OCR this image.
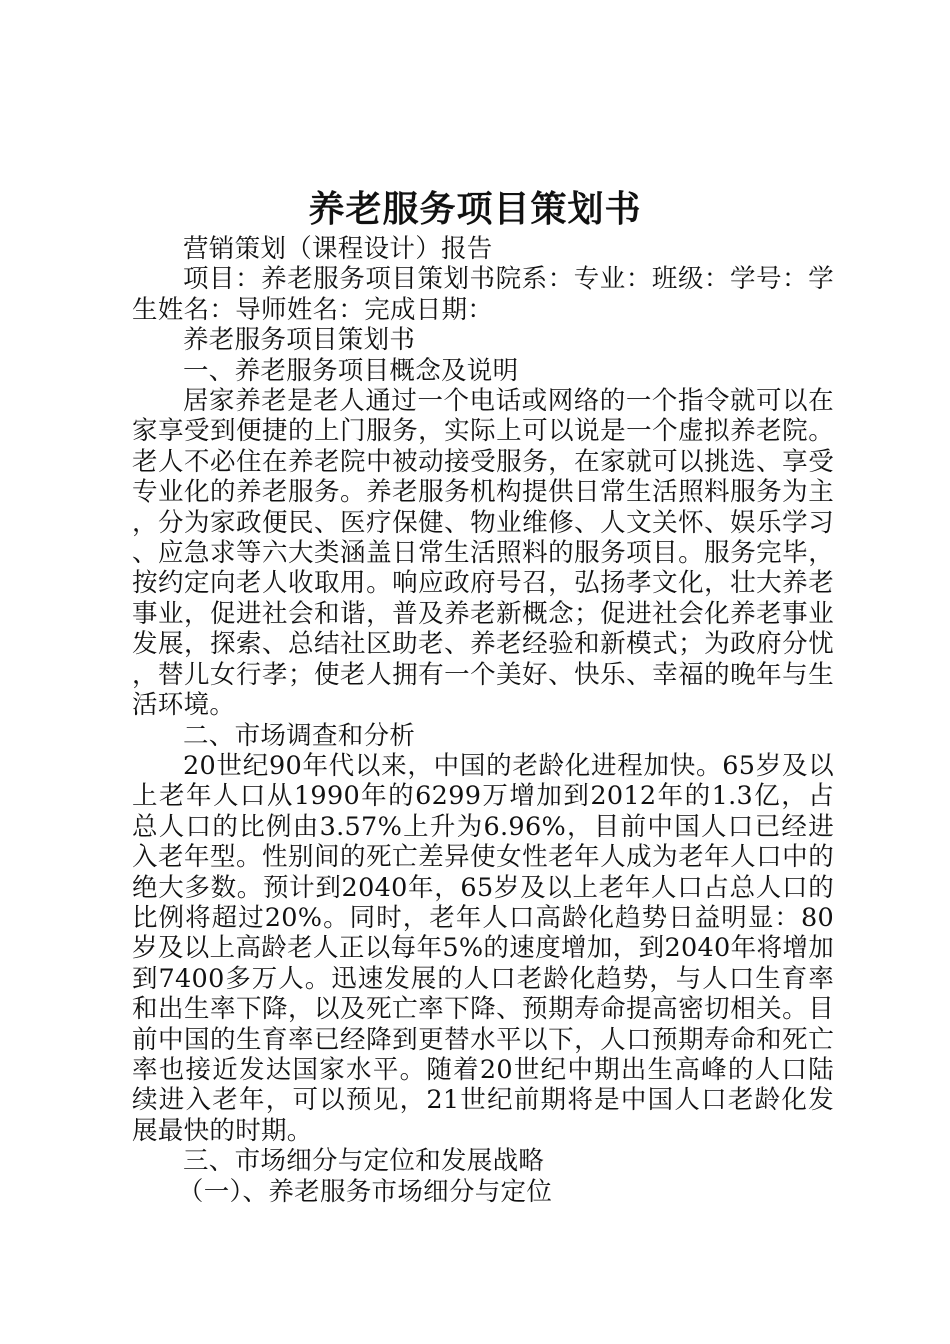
养老服务项目策划书

营销策划（课程设计）报告

项目：养老服务项目策划书院系：专业：班级：学号：学生姓名：导师姓名：完成日期：

养老服务项目策划书

一、养老服务项目概念及说明

居家养老是老人通过一个电话或网络的一个指令就可以在家享受到便捷的上门服务，实际上可以说是一个虚拟养老院。老人不必住在养老院中被动接受服务，在家就可以挑选、享受专业化的养老服务。养老服务机构提供日常生活照料服务为主，分为家政便民、医疗保健、物业维修、人文关怀、娱乐学习、应急求等六大类涵盖日常生活照料的服务项目。服务完毕，按约定向老人收取用。响应政府号召，弘扬孝文化，壮大养老事业，促进社会和谐，普及养老新概念；促进社会化养老事业发展，探索、总结社区助老、养老经验和新模式；为政府分忧，替儿女行孝；使老人拥有一个美好、快乐、幸福的晚年与生活环境。

二、市场调查和分析

20世纪90年代以来，中国的老龄化进程加快。65岁及以上老年人口从1990年的6299万增加到2012年的1.3亿，占总人口的比例由3.57%上升为6.96%，目前中国人口已经进入老年型。性别间的死亡差异使女性老年人成为老年人口中的绝大多数。预计到2040年，65岁及以上老年人口占总人口的比例将超过20%。同时，老年人口高龄化趋势日益明显：80岁及以上高龄老人正以每年5%的速度增加，到2040年将增加到7400多万人。迅速发展的人口老龄化趋势，与人口生育率和出生率下降，以及死亡率下降、预期寿命提高密切相关。目前中国的生育率已经降到更替水平以下，人口预期寿命和死亡率也接近发达国家水平。随着20世纪中期出生高峰的人口陆续进入老年，可以预见，21世纪前期将是中国人口老龄化发展最快的时期。

三、市场细分与定位和发展战略

（一）、养老服务市场细分与定位
